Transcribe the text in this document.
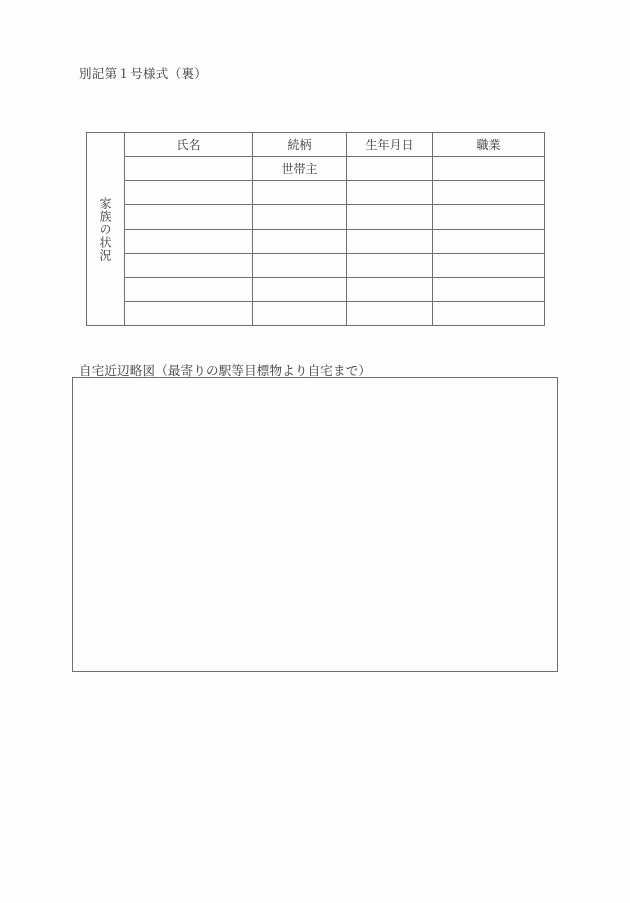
別記第１号様式（裏）
家族の状況	氏名	続柄	生年月日	職業
		世帯主		

自宅近辺略図（最寄りの駅等目標物より自宅まで）
